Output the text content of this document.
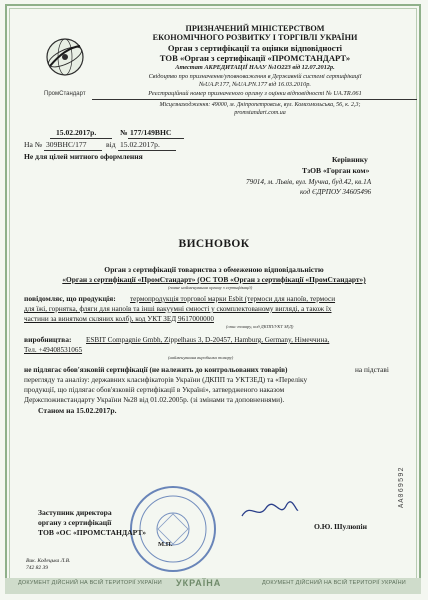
ПромСтандарт
ПРИЗНАЧЕНИЙ МІНІСТЕРСТВОМ
ЕКОНОМІЧНОГО РОЗВИТКУ І ТОРГІВЛІ УКРАЇНИ
Орган з сертифікації та оцінки відповідності
ТОВ «Орган з сертифікації «ПРОМСТАНДАРТ»
Атестат АКРЕДИТАЦІЇ НААУ №1О223 від 12.07.2012р.
Свідоцтво про призначення/уповноваження в Державній системі сертифікації
№UA.P.177, №UA.PN.177 від 16.03.2010р.
Реєстраційний номер призначеного органу з оцінки відповідності № UA.TR.061
Місцезнаходження: 49000, м. Дніпропетровськ, вул. Комсомольська, 56, к. 2,3;
promstandart.com.ua
15.02.2017р.	№ 177/149ВНС
На № 309ВНС/177	від 15.02.2017р.
Не для цілей митного оформлення	Керівнику
ТзОВ «Горган ком»
79014, м. Львів, вул. Мучна, буд.42, кв.1А
код ЄДРПОУ 34605496
ВИСНОВОК
Орган з сертифікації товариства з обмеженою відповідальністю
«Орган з сертифікації «ПромСтандарт» (ОС ТОВ «Орган з сертифікації «ПромСтандарт»)
(повне найменування органу з сертифікації)
повідомляє, що продукція: термопродукція торгової марки Esbit (термоси для напоїв, термоси
для їжі, горнятка, фляги для напоїв та інші вакуумні ємності у скомплектованому вигляді, а також їх
частини за винятком скляних колб), код УКТ ЗЕД 9617000000
(опис товару, код ДКПП/УКТ ЗЕД)
виробництва: ESBIT Compagnie Gmbh, Zippelhaus 3, D-20457, Hamburg, Germany, Німеччина,
Тел. +49408531065
(найменування виробника товару)
не підлягає обов'язковій сертифікації (не належить до контрольованих товарів)	на підставі
перегляду та аналізу: державних класифікаторів України (ДКПП та УКТЗЕД) та «Переліку
продукції, що підлягає обов'язковій сертифікації в Україні», затвердженого наказом
Держспоживстандарту України №28 від 01.02.2005р. (зі змінами та доповненнями).
Станом на 15.02.2017р.
Заступник директора
органу з сертифікації
ТОВ «ОС «ПРОМСТАНДАРТ»
М.П.
О.Ю. Шулюпін
Вик. Кодецька Л.В.
742 82 39
АА069592
ДОКУМЕНТ ДІЙСНИЙ НА ВСІЙ ТЕРИТОРІЇ УКРАЇНИ УКРАЇНА	ДОКУМЕНТ ДІЙСНИЙ НА ВСІЙ ТЕРИТОРІЇ УКРАЇНИ
